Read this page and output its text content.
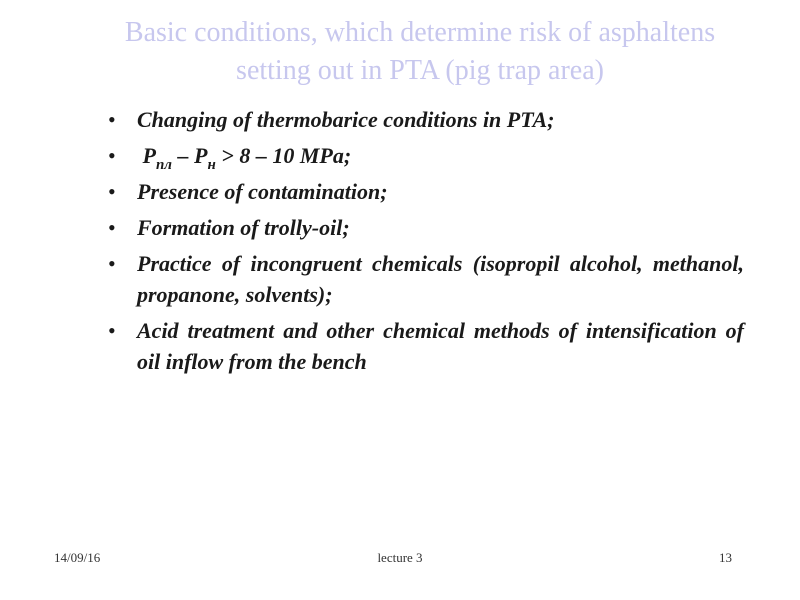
Basic conditions, which determine risk of asphaltens
setting out in PTA (pig trap area)
• Changing of thermobarice conditions in PTA;
• $P_{пл} - P_н > 8 - 10$ MPa;
• Presence of contamination;
• Formation of trolly-oil;
• Practice of incongruent chemicals (isopropil alcohol, methanol, propanone, solvents);
• Acid treatment and other chemical methods of intensification of oil inflow from the bench
14/09/16	lecture 3	13
